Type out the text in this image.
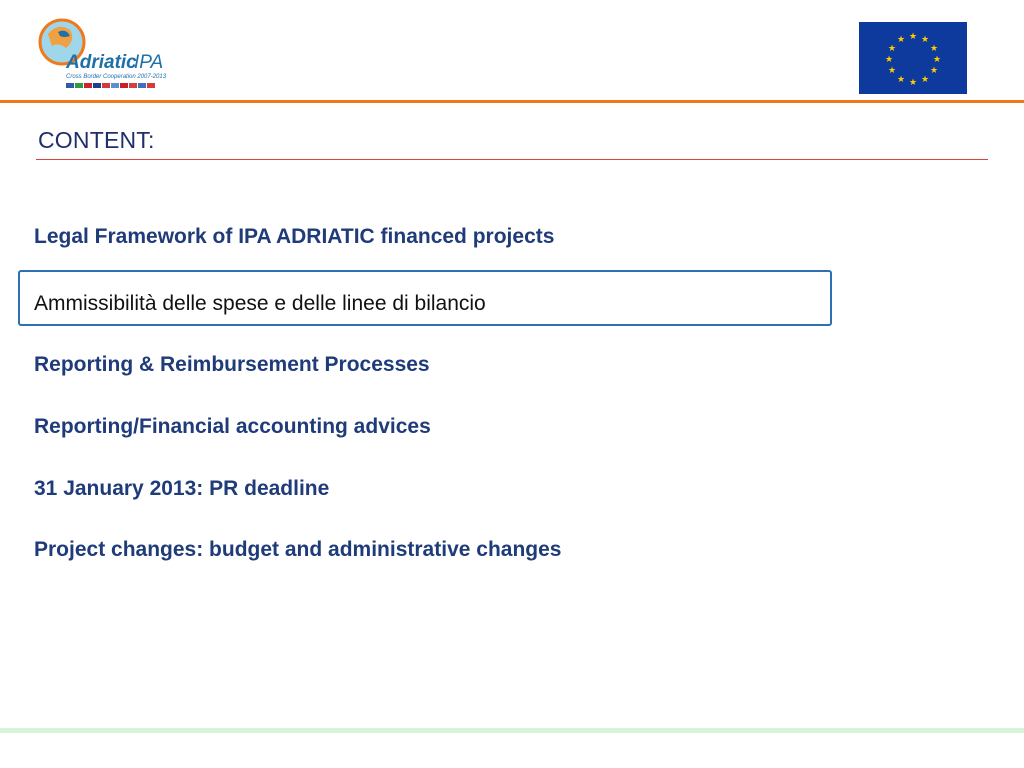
Adriatic
IPA
Cross Border Cooperation 2007-2013
★ ★
★
★
★
★
★
★
★
★
★
★
CONTENT:
Legal Framework of IPA ADRIATIC financed projects
Ammissibilità delle spese e delle linee di bilancio
Reporting & Reimbursement Processes
Reporting/Financial accounting advices
31 January 2013: PR deadline
Project changes: budget and administrative changes
